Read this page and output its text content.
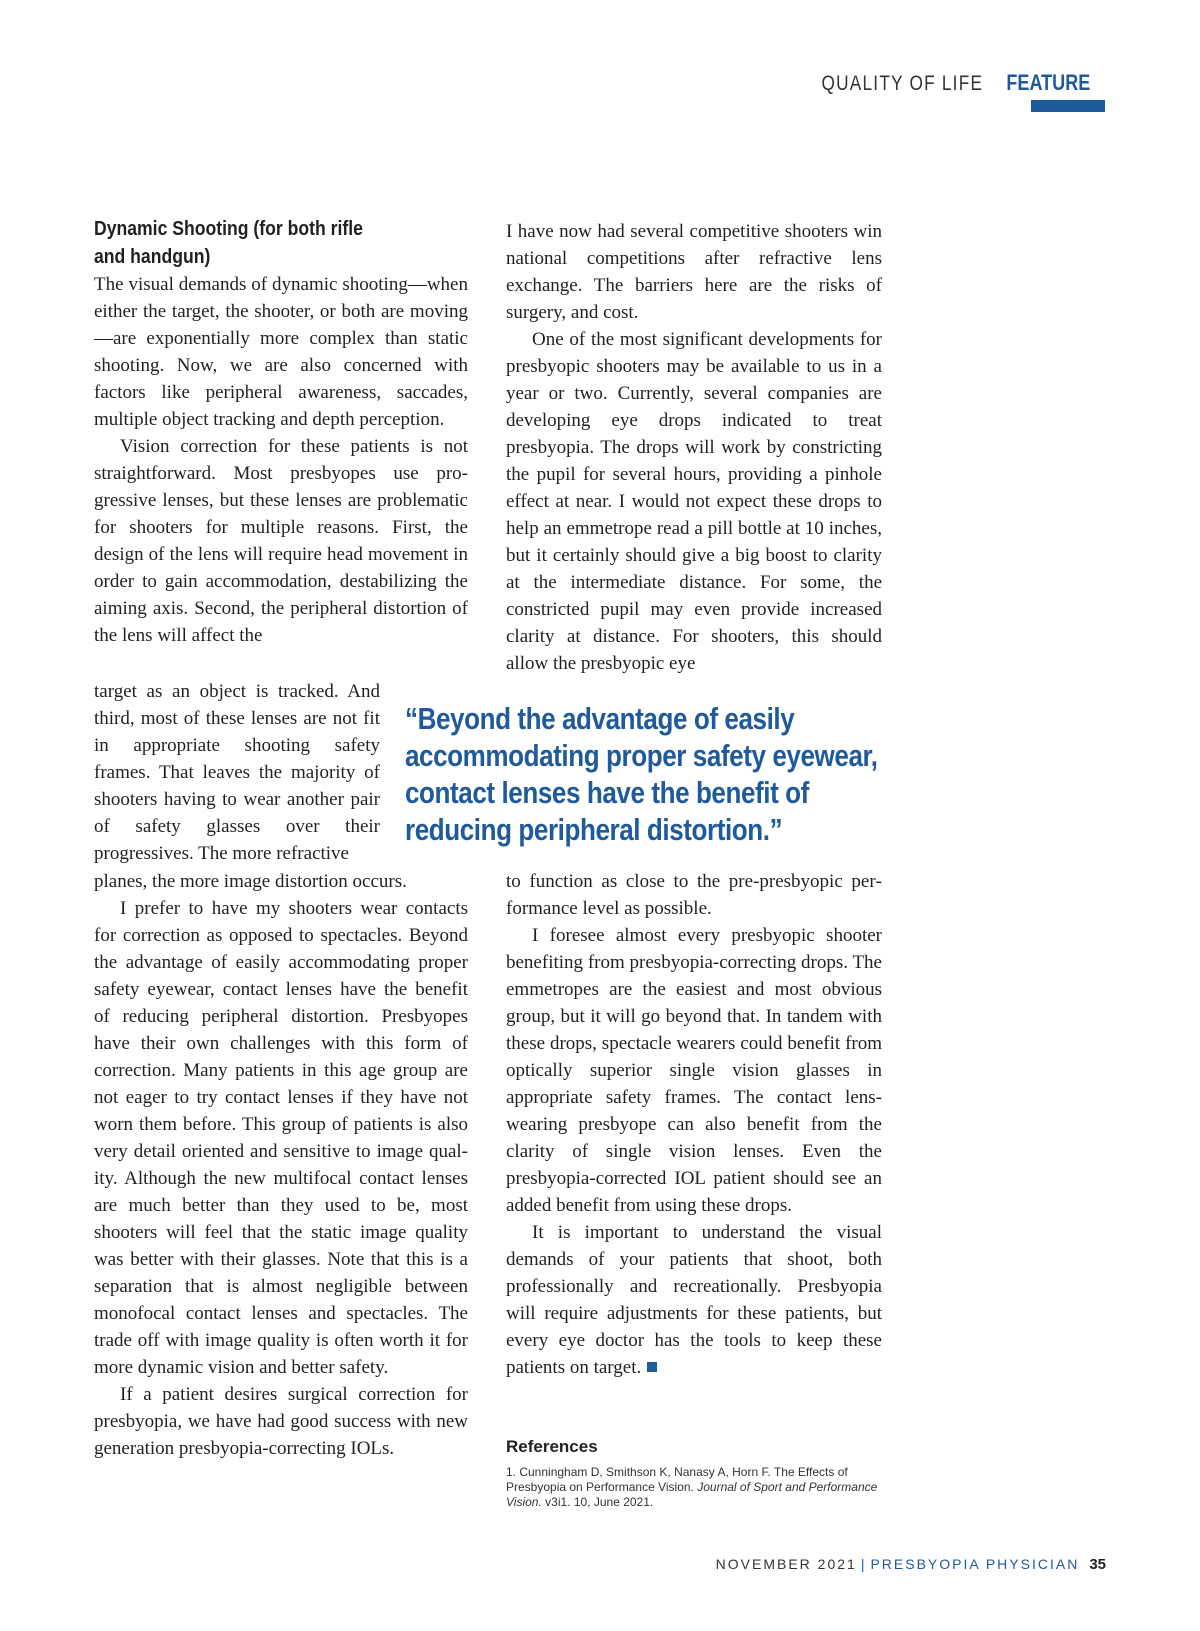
QUALITY OF LIFE FEATURE
Dynamic Shooting (for both rifle and handgun)

The visual demands of dynamic shooting—when either the target, the shooter, or both are moving—are exponentially more complex than static shooting. Now, we are also concerned with factors like peripheral awareness, saccades, multiple object tracking and depth perception.

Vision correction for these patients is not straightforward. Most presbyopes use progressive lenses, but these lenses are problematic for shooters for multiple reasons. First, the design of the lens will require head movement in order to gain accommodation, destabilizing the aiming axis. Second, the peripheral distortion of the lens will affect the

target as an object is tracked. And third, most of these lenses are not fit in appropriate shooting safety frames. That leaves the majority of shooters having to wear another pair of safety glasses over their progressives. The more refractive

“Beyond the advantage of easily accommodating proper safety eyewear, contact lenses have the benefit of reducing peripheral distortion.”

planes, the more image distortion occurs.

I prefer to have my shooters wear contacts for correction as opposed to spectacles. Beyond the advantage of easily accommodating proper safety eyewear, contact lenses have the benefit of reducing peripheral distortion. Presbyopes have their own challenges with this form of correction. Many patients in this age group are not eager to try contact lenses if they have not worn them before. This group of patients is also very detail oriented and sensitive to image quality. Although the new multifocal contact lenses are much better than they used to be, most shooters will feel that the static image quality was better with their glasses. Note that this is a separation that is almost negligible between monofocal contact lenses and spectacles. The trade off with image quality is often worth it for more dynamic vision and better safety.

If a patient desires surgical correction for presbyopia, we have had good success with new generation presbyopia-correcting IOLs.

I have now had several competitive shooters win national competitions after refractive lens exchange. The barriers here are the risks of surgery, and cost.

One of the most significant developments for presbyopic shooters may be available to us in a year or two. Currently, several companies are developing eye drops indicated to treat presbyopia. The drops will work by constricting the pupil for several hours, providing a pinhole effect at near. I would not expect these drops to help an emmetrope read a pill bottle at 10 inches, but it certainly should give a big boost to clarity at the intermediate distance. For some, the constricted pupil may even provide increased clarity at distance. For shooters, this should allow the presbyopic eye

to function as close to the pre-presbyopic performance level as possible.

I foresee almost every presbyopic shooter benefiting from presbyopia-correcting drops. The emmetropes are the easiest and most obvious group, but it will go beyond that. In tandem with these drops, spectacle wearers could benefit from optically superior single vision glasses in appropriate safety frames. The contact lens-wearing presbyope can also benefit from the clarity of single vision lenses. Even the presbyopia-corrected IOL patient should see an added benefit from using these drops.

It is important to understand the visual demands of your patients that shoot, both professionally and recreationally. Presbyopia will require adjustments for these patients, but every eye doctor has the tools to keep these patients on target.

References
1. Cunningham D, Smithson K, Nanasy A, Horn F. The Effects of Presbyopia on Performance Vision. Journal of Sport and Performance Vision. v3i1. 10, June 2021.
NOVEMBER 2021 | PRESBYOPIA PHYSICIAN 35
